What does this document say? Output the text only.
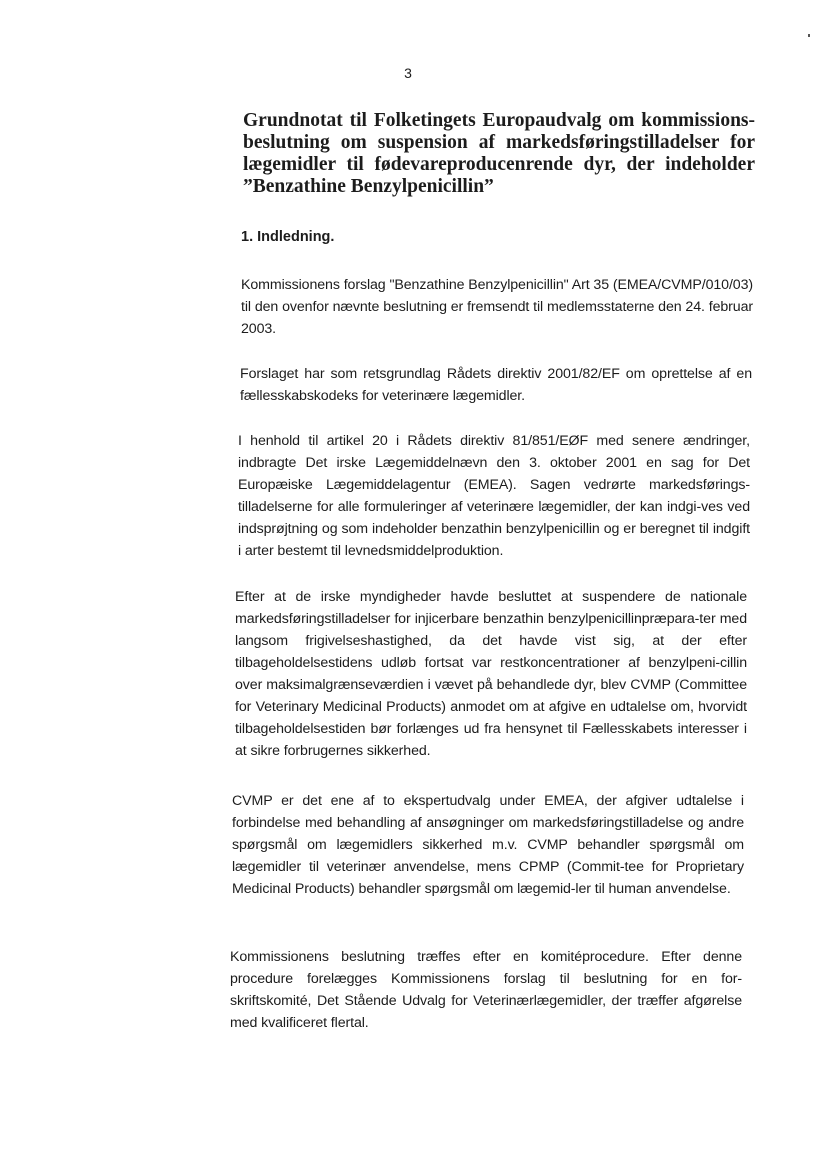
3
Grundnotat til Folketingets Europaudvalg om kommissions-beslutning om suspension af markedsføringstilladelser for lægemidler til fødevareproducenrende dyr, der indeholder ”Benzathine Benzylpenicillin”
1. Indledning.

Kommissionens forslag "Benzathine Benzylpenicillin" Art 35 (EMEA/CVMP/010/03) til den ovenfor nævnte beslutning er fremsendt til medlemsstaterne den 24. februar 2003.

Forslaget har som retsgrundlag Rådets direktiv 2001/82/EF om oprettelse af en fællesskabskodeks for veterinære lægemidler.

I henhold til artikel 20 i Rådets direktiv 81/851/EØF med senere ændringer, indbragte Det irske Lægemiddelnævn den 3. oktober 2001 en sag for Det Europæiske Lægemiddelagentur (EMEA). Sagen vedrørte markedsførings-tilladelserne for alle formuleringer af veterinære lægemidler, der kan indgi-ves ved indsprøjtning og som indeholder benzathin benzylpenicillin og er beregnet til indgift i arter bestemt til levnedsmiddelproduktion.

Efter at de irske myndigheder havde besluttet at suspendere de nationale markedsføringstilladelser for injicerbare benzathin benzylpenicillinpræpara-ter med langsom frigivelseshastighed, da det havde vist sig, at der efter tilbageholdelsestidens udløb fortsat var restkoncentrationer af benzylpeni-cillin over maksimalgrænseværdien i vævet på behandlede dyr, blev CVMP (Committee for Veterinary Medicinal Products) anmodet om at afgive en udtalelse om, hvorvidt tilbageholdelsestiden bør forlænges ud fra hensynet til Fællesskabets interesser i at sikre forbrugernes sikkerhed.

CVMP er det ene af to ekspertudvalg under EMEA, der afgiver udtalelse i forbindelse med behandling af ansøgninger om markedsføringstilladelse og andre spørgsmål om lægemidlers sikkerhed m.v. CVMP behandler spørgsmål om lægemidler til veterinær anvendelse, mens CPMP (Commit-tee for Proprietary Medicinal Products) behandler spørgsmål om lægemid-ler til human anvendelse.

Kommissionens beslutning træffes efter en komitéprocedure. Efter denne procedure forelægges Kommissionens forslag til beslutning for en for-skriftskomité, Det Stående Udvalg for Veterinærlægemidler, der træffer afgørelse med kvalificeret flertal.
